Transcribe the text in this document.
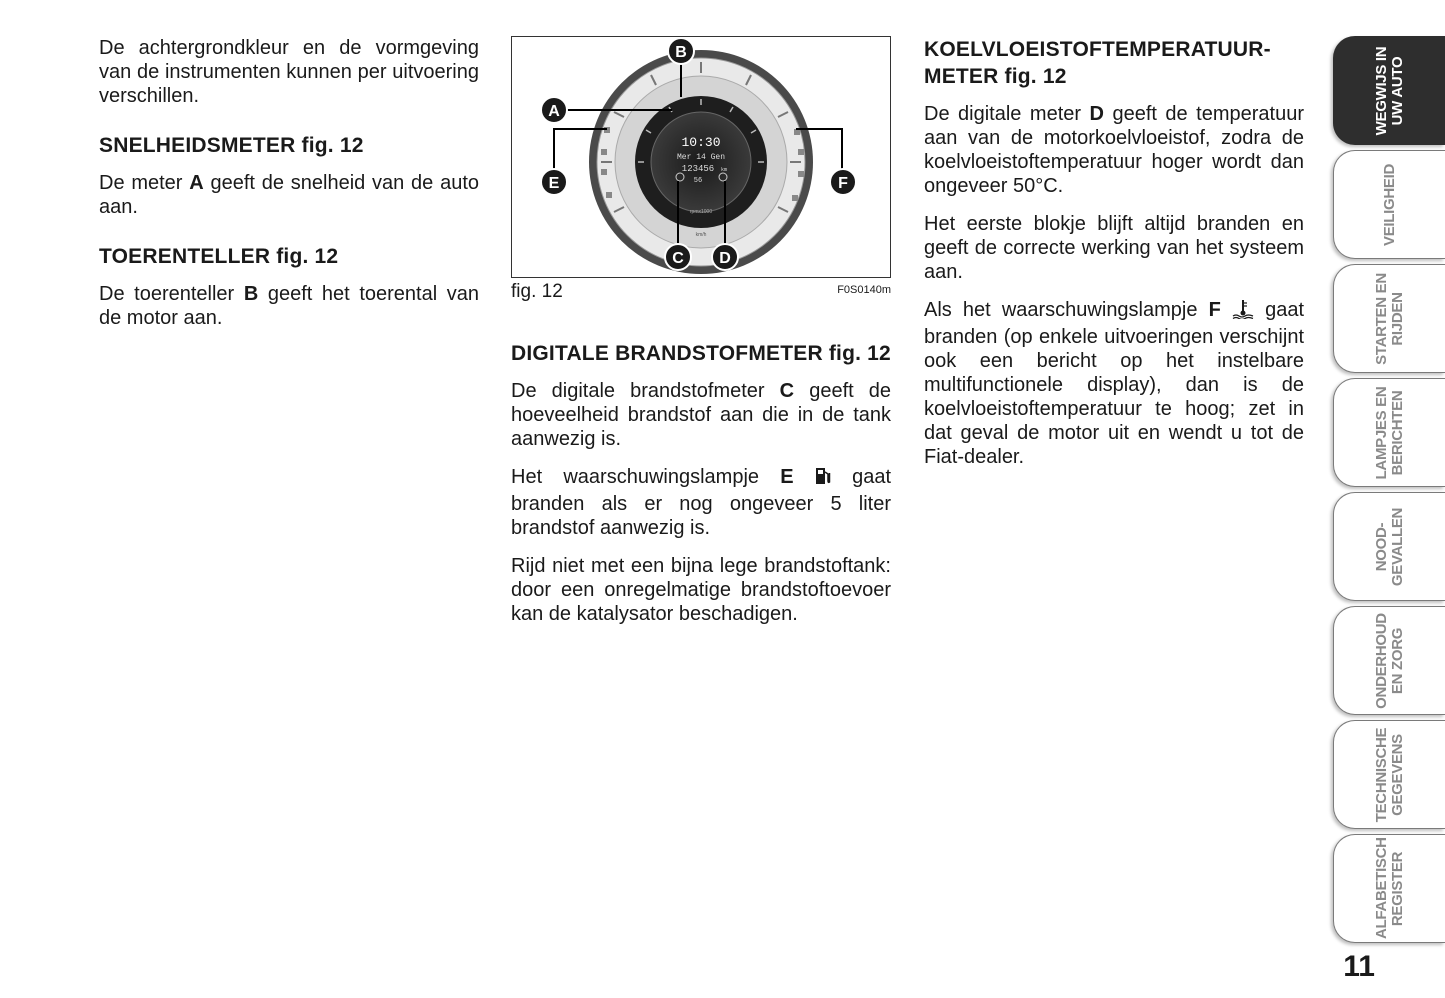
De achtergrondkleur en de vormgeving van de instrumenten kunnen per uitvoering verschillen.

SNELHEIDSMETER fig. 12

De meter A geeft de snelheid van de auto aan.

TOERENTELLER fig. 12

De toerenteller B geeft het toerental van de motor aan.

10:30
Mer 14 Gen
123456 km
56
rpmx1000
km/h
A
B
C D
E	F
fig. 12	F0S0140m
DIGITALE BRANDSTOFMETER fig. 12

De digitale brandstofmeter C geeft de hoeveelheid brandstof aan die in de tank aanwezig is.

Het waarschuwingslampje E  gaat branden als er nog ongeveer 5 liter brandstof aanwezig is.

Rijd niet met een bijna lege brandstoftank: door een onregelmatige brandstoftoevoer kan de katalysator beschadigen.

KOELVLOEISTOFTEMPERATUUR-METER fig. 12

De digitale meter D geeft de temperatuur aan van de motorkoelvloeistof, zodra de koelvloeistoftemperatuur hoger wordt dan ongeveer 50°C.

Het eerste blokje blijft altijd branden en geeft de correcte werking van het systeem aan.

Als het waarschuwingslampje F  gaat branden (op enkele uitvoeringen verschijnt ook een bericht op het instelbare multifunctionele display), dan is de koelvloeistoftemperatuur te hoog; zet in dat geval de motor uit en wendt u tot de Fiat-dealer.

WEGWIJS IN
UW AUTO
VEILIGHEID
STARTEN EN
RIJDEN
LAMPJES EN
BERICHTEN
NOOD-
GEVALLEN
ONDERHOUD
EN ZORG
TECHNISCHE
GEGEVENS
ALFABETISCH
REGISTER
11
